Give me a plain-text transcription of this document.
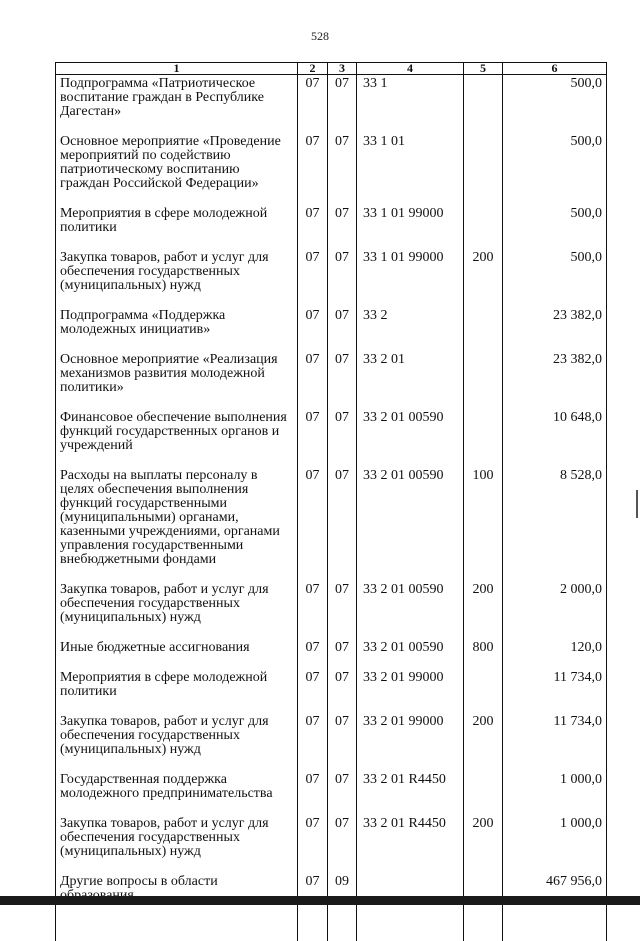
528
1	2	3	4	5	6
Подпрограмма «Патриотическое воспитание граждан в Республике Дагестан»	07	07	33 1		500,0
Основное мероприятие «Проведение мероприятий по содействию патриотическому воспитанию граждан Российской Федерации»	07	07	33 1 01		500,0
Мероприятия в сфере молодежной политики	07	07	33 1 01 99000		500,0
Закупка товаров, работ и услуг для обеспечения государственных (муниципальных) нужд	07	07	33 1 01 99000	200	500,0
Подпрограмма «Поддержка молодежных инициатив»	07	07	33 2		23 382,0
Основное мероприятие «Реализация механизмов развития молодежной политики»	07	07	33 2 01		23 382,0
Финансовое обеспечение выполнения функций государственных органов и учреждений	07	07	33 2 01 00590		10 648,0
Расходы на выплаты персоналу в целях обеспечения выполнения функций государственными (муниципальными) органами, казенными учреждениями, органами управления государственными внебюджетными фондами	07	07	33 2 01 00590	100	8 528,0
Закупка товаров, работ и услуг для обеспечения государственных (муниципальных) нужд	07	07	33 2 01 00590	200	2 000,0
Иные бюджетные ассигнования	07	07	33 2 01 00590	800	120,0
Мероприятия в сфере молодежной политики	07	07	33 2 01 99000		11 734,0
Закупка товаров, работ и услуг для обеспечения государственных (муниципальных) нужд	07	07	33 2 01 99000	200	11 734,0
Государственная поддержка молодежного предпринимательства	07	07	33 2 01 R4450		1 000,0
Закупка товаров, работ и услуг для обеспечения государственных (муниципальных) нужд	07	07	33 2 01 R4450	200	1 000,0
Другие вопросы в области	07	09			467 956,0
